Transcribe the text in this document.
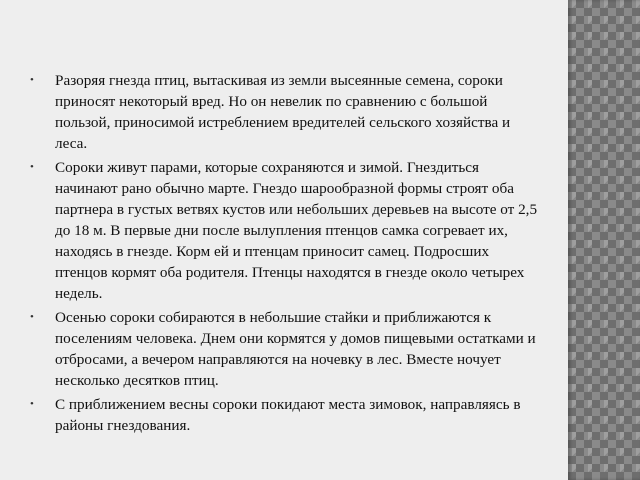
• Разоряя гнезда птиц, вытаскивая из земли высеянные семена, сороки приносят некоторый вред. Но он невелик по сравнению с большой пользой, приносимой истреблением вредителей сельского хозяйства и леса.
• Сороки живут парами, которые сохраняются и зимой. Гнездиться начинают рано обычно марте. Гнездо шарообразной формы строят оба партнера в густых ветвях кустов или небольших деревьев на высоте от 2,5 до 18 м. В первые дни после вылупления птенцов самка согревает их, находясь в гнезде. Корм ей и птенцам приносит самец. Подросших птенцов кормят оба родителя. Птенцы находятся в гнезде около четырех недель.
• Осенью сороки собираются в небольшие стайки и приближаются к поселениям человека. Днем они кормятся у домов пищевыми остатками и отбросами, а вечером направляются на ночевку в лес. Вместе ночует несколько десятков птиц.
• С приближением весны сороки покидают места зимовок, направляясь в районы гнездования.
